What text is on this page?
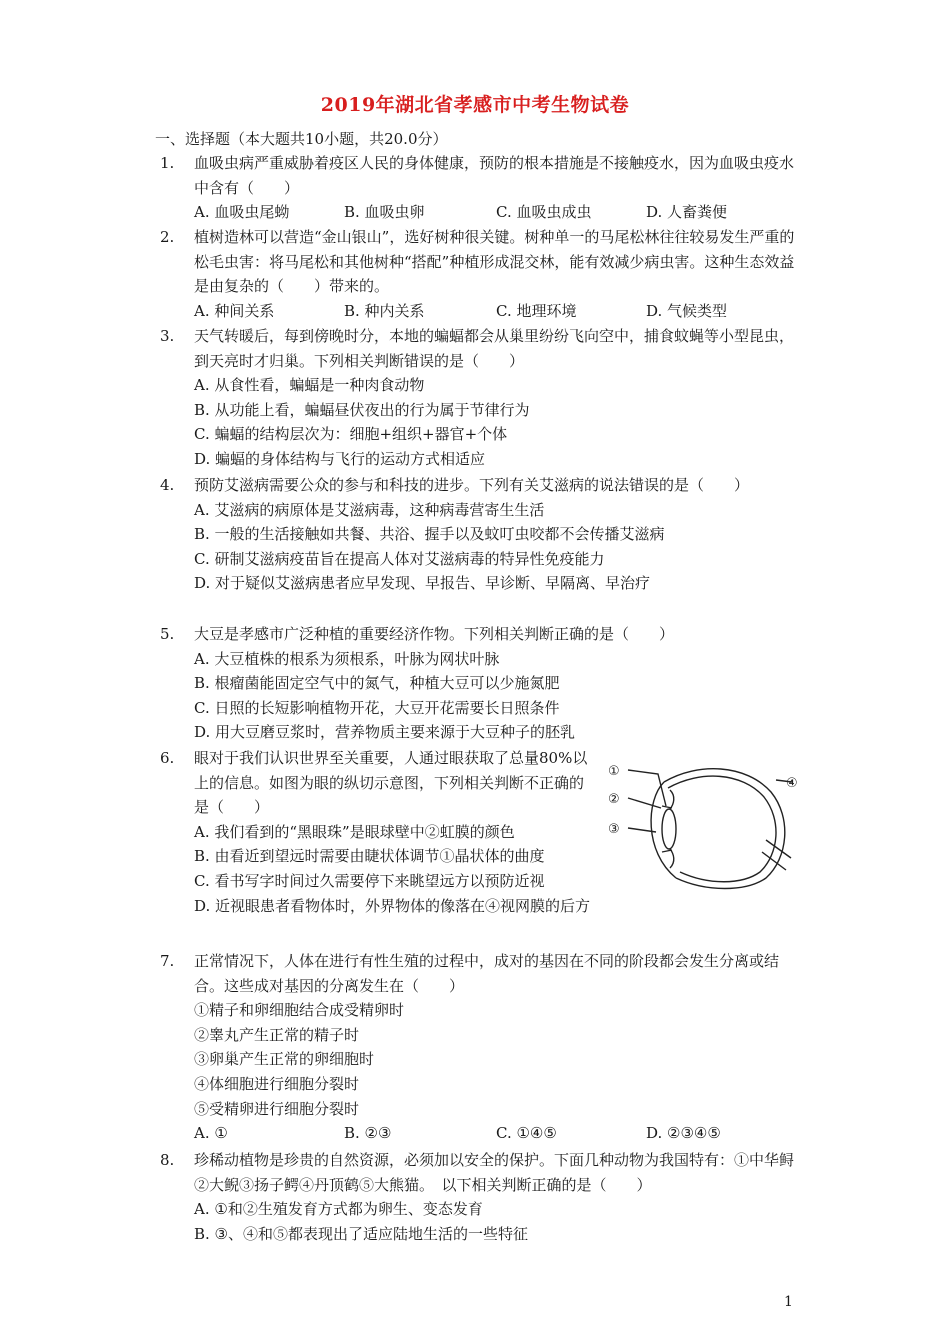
2019年湖北省孝感市中考生物试卷
一、选择题（本大题共10小题，共20.0分）
1.	血吸虫病严重威胁着疫区人民的身体健康，预防的根本措施是不接触疫水，因为血吸虫疫水中含有（　　）
A. 血吸虫尾蚴	B. 血吸虫卵	C. 血吸虫成虫	D. 人畜粪便
2.	植树造林可以营造“金山银山”，选好树种很关键。树种单一的马尾松林往往较易发生严重的松毛虫害：将马尾松和其他树种“搭配”种植形成混交林，能有效减少病虫害。这种生态效益是由复杂的（　　）带来的。
A. 种间关系	B. 种内关系	C. 地理环境	D. 气候类型
3.	天气转暖后，每到傍晚时分，本地的蝙蝠都会从巢里纷纷飞向空中，捕食蚊蝇等小型昆虫，到天亮时才归巢。下列相关判断错误的是（　　）
A. 从食性看，蝙蝠是一种肉食动物
B. 从功能上看，蝙蝠昼伏夜出的行为属于节律行为
C. 蝙蝠的结构层次为：细胞+组织+器官+个体
D. 蝙蝠的身体结构与飞行的运动方式相适应
4.	预防艾滋病需要公众的参与和科技的进步。下列有关艾滋病的说法错误的是（　　）
A. 艾滋病的病原体是艾滋病毒，这种病毒营寄生生活
B. 一般的生活接触如共餐、共浴、握手以及蚊叮虫咬都不会传播艾滋病
C. 研制艾滋病疫苗旨在提高人体对艾滋病毒的特异性免疫能力
D. 对于疑似艾滋病患者应早发现、早报告、早诊断、早隔离、早治疗
5.	大豆是孝感市广泛种植的重要经济作物。下列相关判断正确的是（　　）
A. 大豆植株的根系为须根系，叶脉为网状叶脉
B. 根瘤菌能固定空气中的氮气，种植大豆可以少施氮肥
C. 日照的长短影响植物开花，大豆开花需要长日照条件
D. 用大豆磨豆浆时，营养物质主要来源于大豆种子的胚乳
6.	眼对于我们认识世界至关重要，人通过眼获取了总量80%以上的信息。如图为眼的纵切示意图，下列相关判断不正确的是（　　）
A. 我们看到的“黑眼珠”是眼球壁中②虹膜的颜色
B. 由看近到望远时需要由睫状体调节①晶状体的曲度
C. 看书写字时间过久需要停下来眺望远方以预防近视
D. 近视眼患者看物体时，外界物体的像落在④视网膜的后方
①
②
③
④
7.	正常情况下，人体在进行有性生殖的过程中，成对的基因在不同的阶段都会发生分离或结合。这些成对基因的分离发生在（　　）
①精子和卵细胞结合成受精卵时
②睾丸产生正常的精子时
③卵巢产生正常的卵细胞时
④体细胞进行细胞分裂时
⑤受精卵进行细胞分裂时
A. ①	B. ②③	C. ①④⑤	D. ②③④⑤
8.	珍稀动植物是珍贵的自然资源，必须加以安全的保护。下面几种动物为我国特有：①中华鲟②大鲵③扬子鳄④丹顶鹤⑤大熊猫。　以下相关判断正确的是（　　）
A. ①和②生殖发育方式都为卵生、变态发育
B. ③、④和⑤都表现出了适应陆地生活的一些特征
1
